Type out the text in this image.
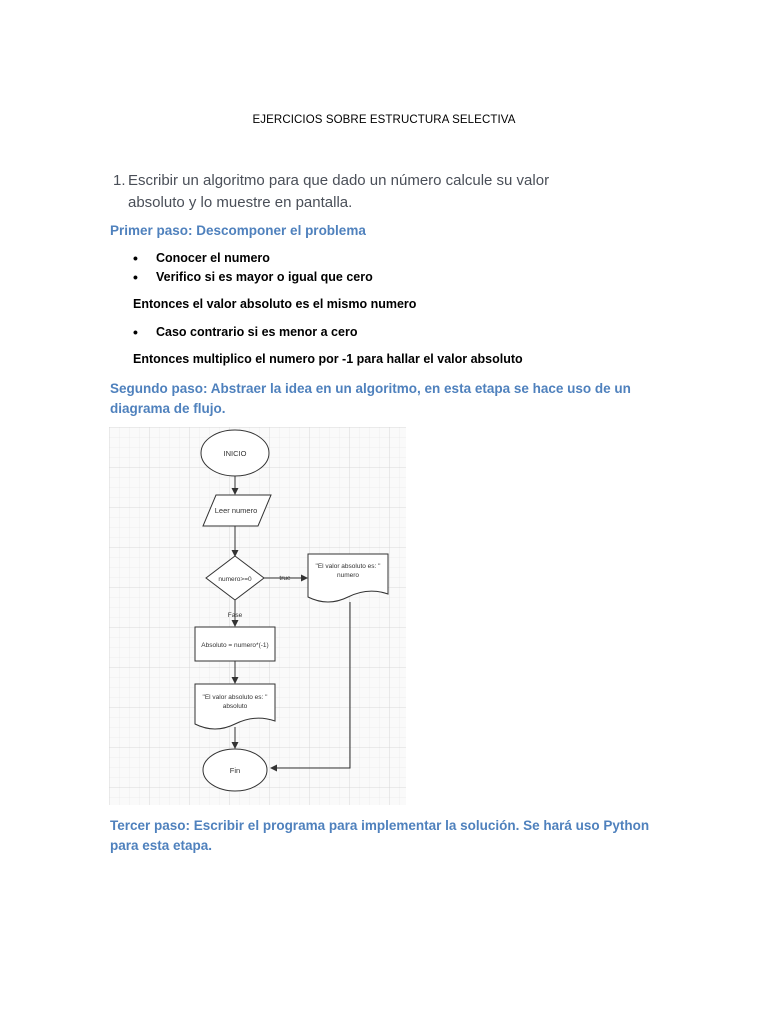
EJERCICIOS SOBRE ESTRUCTURA SELECTIVA
1. Escribir un algoritmo para que dado un número calcule su valor
absoluto y lo muestre en pantalla.
Primer paso: Descomponer el problema
• Conocer el numero
• Verifico si es mayor o igual que cero
Entonces el valor absoluto es el mismo numero
• Caso contrario si es menor a cero
Entonces multiplico el numero por -1 para hallar el valor absoluto
Segundo paso: Abstraer la idea en un algoritmo, en esta etapa se hace uso de un
diagrama de flujo.
INICIO
Leer numero
numero>=0	true
Fase
"El valor absoluto es: "
numero
Absoluto = numero*(-1)
"El valor absoluto es: "
absoluto
Fin
Tercer paso: Escribir el programa para implementar la solución. Se hará uso Python
para esta etapa.
